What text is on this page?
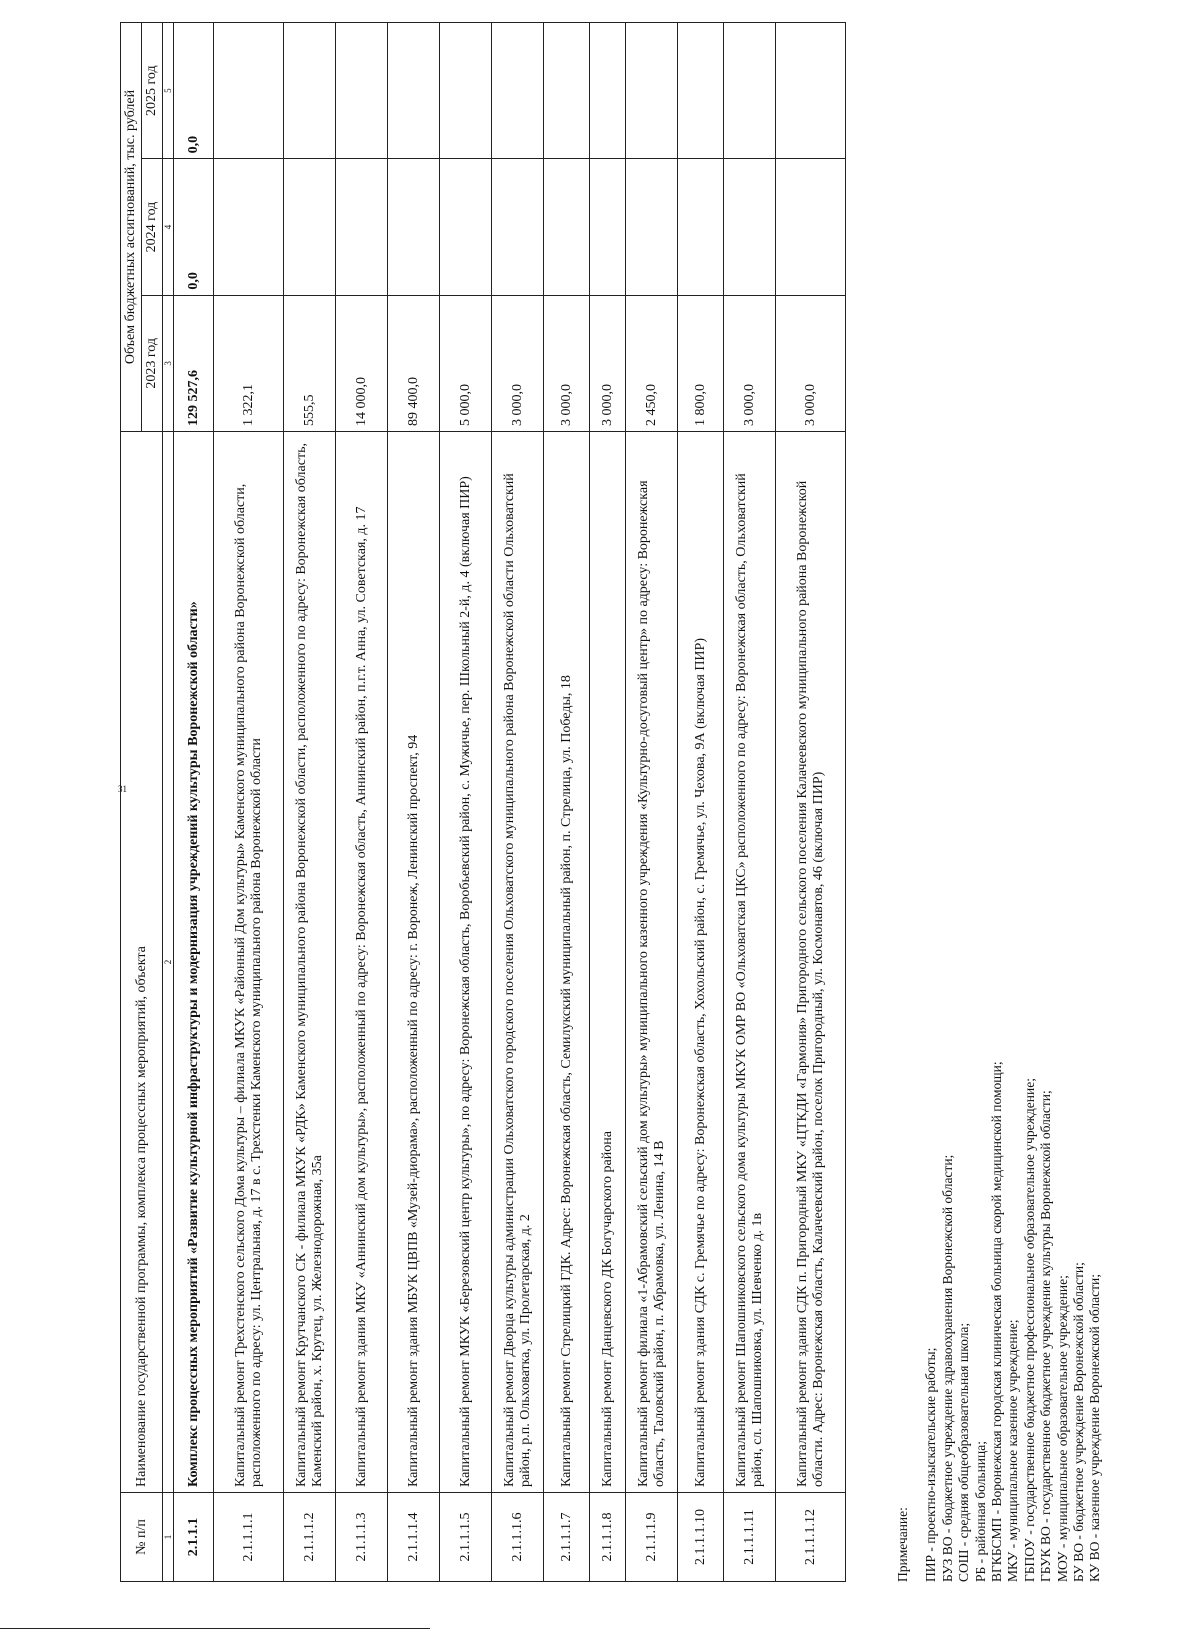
31
№ п/п	Наименование государственной программы, комплекса процессных мероприятий, объекта	Объем бюджетных ассигнований, тыс. рублей		
		2023 год	2024 год	2025 год
1	2	3	4	5
2.1.1.1	Комплекс процессных мероприятий «Развитие культурной инфраструктуры и модернизация учреждений культуры Воронежской области»	129 527,6	0,0	0,0
2.1.1.1.1	Капитальный ремонт Трехстенского сельского Дома культуры – филиала МКУК «Районный Дом культуры» Каменского муниципального района Воронежской области, расположенного по адресу: ул. Центральная, д. 17 в с. Трехстенки Каменского муниципального района Воронежской области	1 322,1		
2.1.1.1.2	Капитальный ремонт Крутчанского СК - филиала МКУК «РДК» Каменского муниципального района Воронежской области, расположенного по адресу: Воронежская область, Каменский район, х. Крутец, ул. Железнодорожная, 35а	555,5		
2.1.1.1.3	Капитальный ремонт здания МКУ «Аннинский дом культуры», расположенный по адресу: Воронежская область, Аннинский район, п.г.т. Анна, ул. Советская, д. 17	14 000,0		
2.1.1.1.4	Капитальный ремонт здания МБУК ЦВПВ «Музей-диорама», расположенный по адресу: г. Воронеж, Ленинский проспект, 94	89 400,0		
2.1.1.1.5	Капитальный ремонт МКУК «Березовский центр культуры», по адресу: Воронежская область, Воробьевский район, с. Мужичье, пер. Школьный 2-й, д. 4 (включая ПИР)	5 000,0		
2.1.1.1.6	Капитальный ремонт Дворца культуры администрации Ольховатского городского поселения Ольховатского муниципального района Воронежской области Ольховатский район, р.п. Ольховатка, ул. Пролетарская, д. 2	3 000,0		
2.1.1.1.7	Капитальный ремонт Стрелицкий ГДК. Адрес: Воронежская область, Семилукский муниципальный район, п. Стрелица, ул. Победы, 18	3 000,0		
2.1.1.1.8	Капитальный ремонт Данцевского ДК Богучарского района	3 000,0		
2.1.1.1.9	Капитальный ремонт филиала «1-Абрамовский сельский дом культуры» муниципального казенного учреждения «Культурно-досуговый центр» по адресу: Воронежская область, Таловский район, п. Абрамовка, ул. Ленина, 14 В	2 450,0		
2.1.1.1.10	Капитальный ремонт здания СДК с. Гремячье по адресу: Воронежская область, Хохольский район, с. Гремячье, ул. Чехова, 9А (включая ПИР)	1 800,0		
2.1.1.1.11	Капитальный ремонт Шапошниковского сельского дома культуры МКУК ОМР ВО «Ольховатская ЦКС» расположенного по адресу: Воронежская область, Ольховатский район, сл. Шапошниковка, ул. Шевченко д. 1в	3 000,0		
2.1.1.1.12	Капитальный ремонт здания СДК п. Пригородный МКУ «ЦТКДИ «Гармония» Пригородного сельского поселения Калачеевского муниципального района Воронежской области. Адрес: Воронежская область, Калачеевский район, поселок Пригородный, ул. Космонавтов, 46 (включая ПИР)	3 000,0		
Примечание: ПИР - проектно-изыскательские работы; БУЗ ВО - бюджетное учреждение здравоохранения Воронежской области; СОШ - средняя общеобразовательная школа; РБ - районная больница; ВГКБСМП - Воронежская городская клиническая больница скорой медицинской помощи; МКУ - муниципальное казенное учреждение; ГБПОУ - государственное бюджетное профессиональное образовательное учреждение; ГБУК ВО - государственное бюджетное учреждение культуры Воронежской области; МОУ - муниципальное образовательное учреждение; БУ ВО - бюджетное учреждение Воронежской области; КУ ВО - казенное учреждение Воронежской области;
